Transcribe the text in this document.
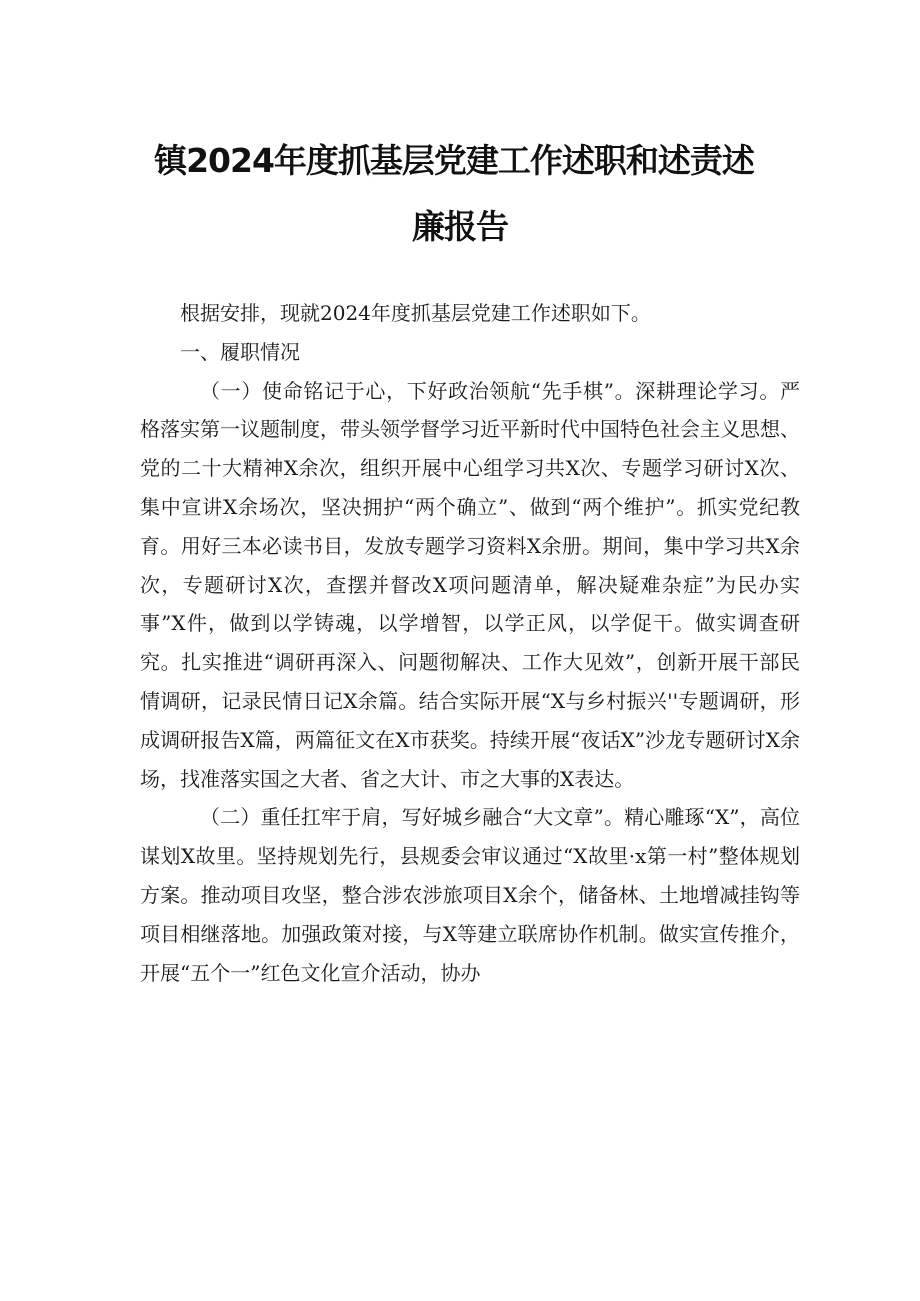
镇2024年度抓基层党建工作述职和述责述
廉报告

根据安排，现就2024年度抓基层党建工作述职如下。

一、履职情况

（一）使命铭记于心，下好政治领航“先手棋”。深耕理论学习。严格落实第一议题制度，带头领学督学习近平新时代中国特色社会主义思想、党的二十大精神X余次，组织开展中心组学习共X次、专题学习研讨X次、集中宣讲X余场次，坚决拥护“两个确立”、做到“两个维护”。抓实党纪教育。用好三本必读书目，发放专题学习资料X余册。期间，集中学习共X余次，专题研讨X次，查摆并督改X项问题清单，解决疑难杂症”为民办实事”X件，做到以学铸魂，以学增智，以学正风，以学促干。做实调查研究。扎实推进“调研再深入、问题彻解决、工作大见效”，创新开展干部民情调研，记录民情日记X余篇。结合实际开展“X与乡村振兴''专题调研，形成调研报告X篇，两篇征文在X市获奖。持续开展“夜话X”沙龙专题研讨X余场，找准落实国之大者、省之大计、市之大事的X表达。

（二）重任扛牢于肩，写好城乡融合“大文章”。精心雕琢“X”，高位谋划X故里。坚持规划先行，县规委会审议通过“X故里·x第一村”整体规划方案。推动项目攻坚，整合涉农涉旅项目X余个，储备林、土地增减挂钩等项目相继落地。加强政策对接，与X等建立联席协作机制。做实宣传推介，开展“五个一”红色文化宣介活动，协办
